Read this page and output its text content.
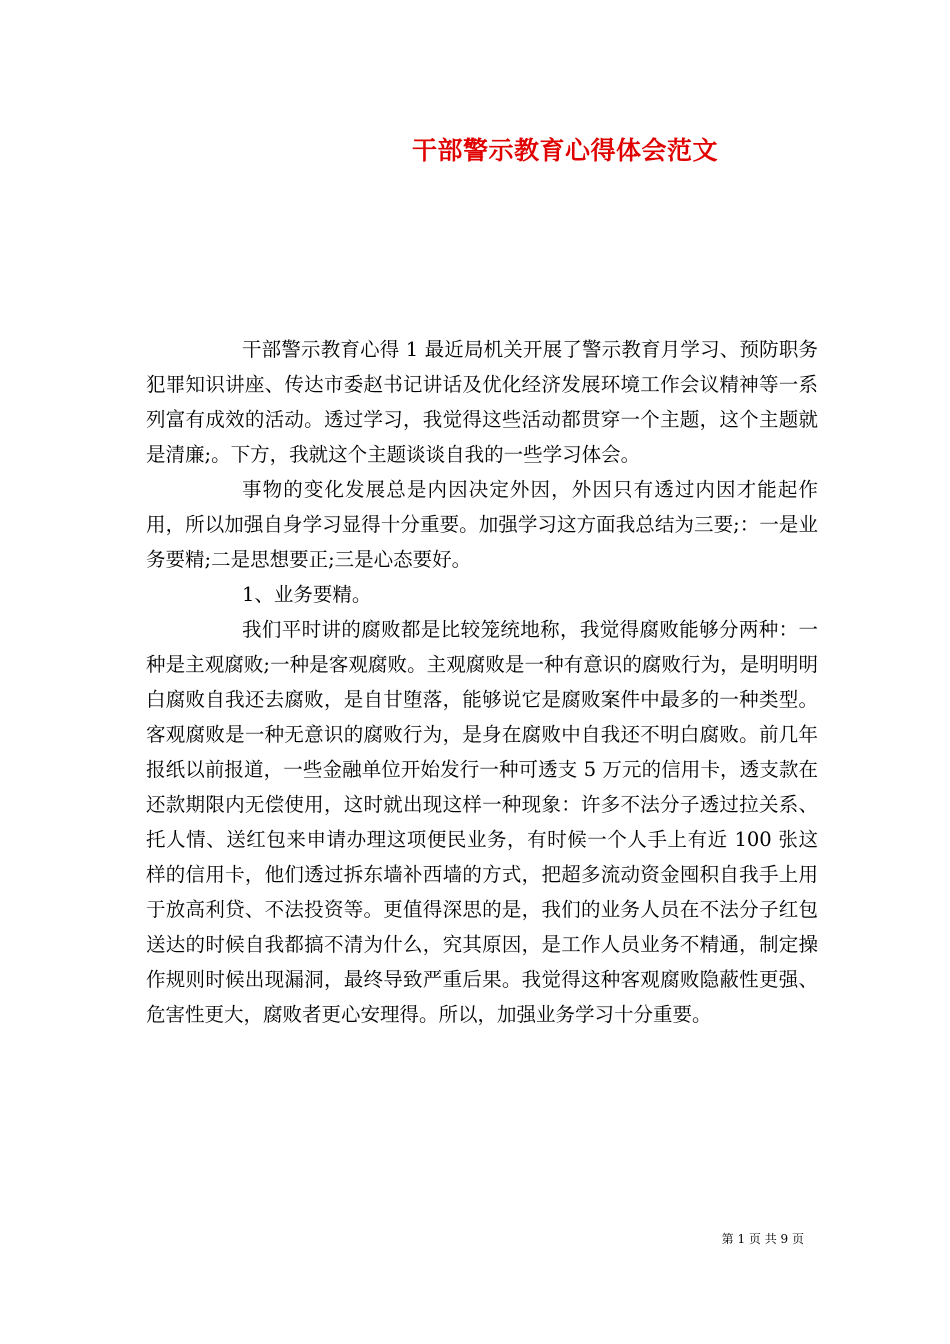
干部警示教育心得体会范文

干部警示教育心得 1 最近局机关开展了警示教育月学习、预防职务犯罪知识讲座、传达市委赵书记讲话及优化经济发展环境工作会议精神等一系列富有成效的活动。透过学习，我觉得这些活动都贯穿一个主题，这个主题就是清廉;。下方，我就这个主题谈谈自我的一些学习体会。

事物的变化发展总是内因决定外因，外因只有透过内因才能起作用，所以加强自身学习显得十分重要。加强学习这方面我总结为三要;：一是业务要精;二是思想要正;三是心态要好。

1、业务要精。

我们平时讲的腐败都是比较笼统地称，我觉得腐败能够分两种：一种是主观腐败;一种是客观腐败。主观腐败是一种有意识的腐败行为，是明明明白腐败自我还去腐败，是自甘堕落，能够说它是腐败案件中最多的一种类型。客观腐败是一种无意识的腐败行为，是身在腐败中自我还不明白腐败。前几年报纸以前报道，一些金融单位开始发行一种可透支 5 万元的信用卡，透支款在还款期限内无偿使用，这时就出现这样一种现象：许多不法分子透过拉关系、托人情、送红包来申请办理这项便民业务，有时候一个人手上有近 100 张这样的信用卡，他们透过拆东墙补西墙的方式，把超多流动资金囤积自我手上用于放高利贷、不法投资等。更值得深思的是，我们的业务人员在不法分子红包送达的时候自我都搞不清为什么，究其原因，是工作人员业务不精通，制定操作规则时候出现漏洞，最终导致严重后果。我觉得这种客观腐败隐蔽性更强、危害性更大，腐败者更心安理得。所以，加强业务学习十分重要。

第 1 页 共 9 页
